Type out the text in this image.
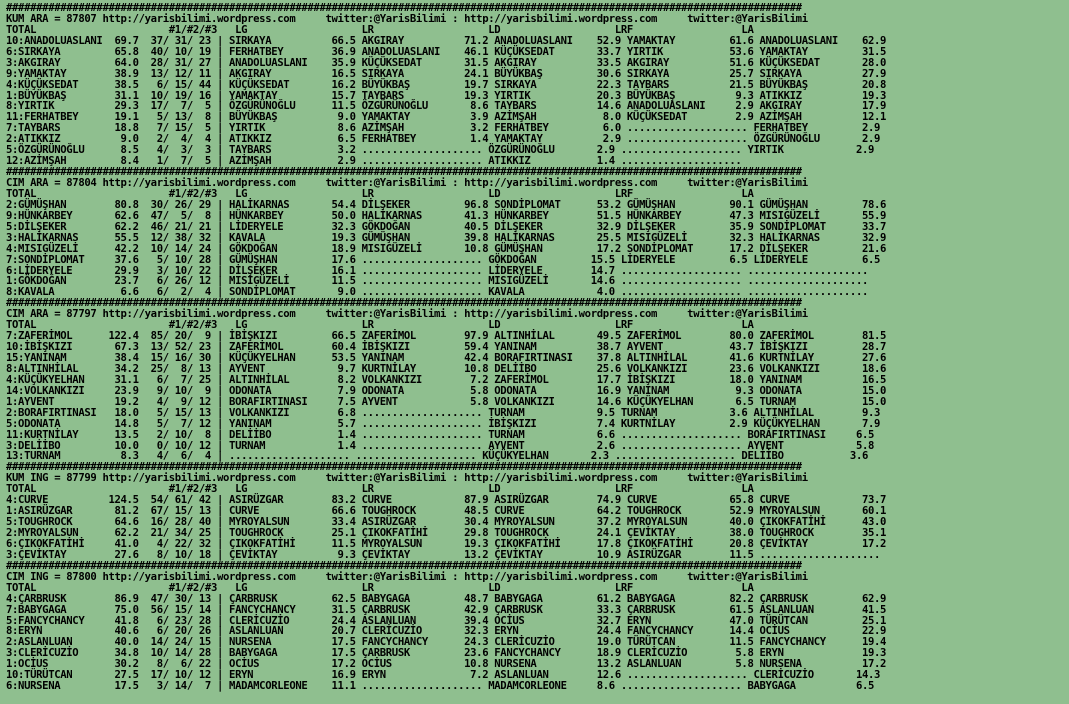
####################################################################################################################################
KUM ARA = 87807 http://yarisbilimi.wordpress.com     twitter:@YarisBilimi : http://yarisbilimi.wordpress.com     twitter:@YarisBilimi
TOTAL                      #1/#2/#3   LG                   LR                   LD                   LRF                  LA
10:ANADOLUASLANI  69.7  37/ 31/ 23 | SIRKAYA          66.5 AKGIRAY          71.2 ANADOLUASLANI    52.9 YAMAKTAY         61.6 ANADOLUASLANI    62.9
6:SIRKAYA         65.8  40/ 10/ 19 | FERHATBEY        36.9 ANADOLUASLANI    46.1 KÜÇÜKSEDAT       33.7 YIRTIK           53.6 YAMAKTAY         31.5
3:AKGIRAY         64.0  28/ 31/ 27 | ANADOLUASLANI    35.9 KÜÇÜKSEDAT       31.5 AKGIRAY          33.5 AKGIRAY          51.6 KÜÇÜKSEDAT       28.0
9:YAMAKTAY        38.9  13/ 12/ 11 | AKGIRAY          16.5 SIRKAYA          24.1 BÜYÜKBAŞ         30.6 SIRKAYA          25.7 SIRKAYA          27.9
4:KÜÇÜKSEDAT      38.5   6/ 15/ 44 | KÜÇÜKSEDAT       16.2 BÜYÜKBAŞ         19.7 SIRKAYA          22.3 TAYBARS          21.5 BÜYÜKBAŞ         20.8
1:BÜYÜKBAŞ        31.1  10/ 19/ 16 | YAMAKTAY         15.7 TAYBARS          19.3 YIRTIK           20.3 BÜYÜKBAŞ          9.3 ATIKKIZ          19.3
8:YIRTIK          29.3  17/  7/  5 | ÖZGÜRÜNOĞLU      11.5 ÖZGÜRÜNOĞLU       8.6 TAYBARS          14.6 ANADOLUASLANI     2.9 AKGIRAY          17.9
11:FERHATBEY      19.1   5/ 13/  8 | BÜYÜKBAŞ          9.0 YAMAKTAY          3.9 AZİMŞAH           8.0 KÜÇÜKSEDAT        2.9 AZİMŞAH          12.1
7:TAYBARS         18.8   7/ 15/  5 | YIRTIK            8.6 AZİMŞAH           3.2 FERHATBEY         6.0 .................... FERHATBEY         2.9
2:ATIKKIZ          9.0   2/  4/  4 | ATIKKIZ           6.5 FERHATBEY         1.4 YAMAKTAY          2.9 .................... ÖZGÜRÜNOĞLU       2.9
5:ÖZGÜRÜNOĞLU      8.5   4/  3/  3 | TAYBARS           3.2 .................... ÖZGÜRÜNOĞLU       2.9 .................... YIRTIK            2.9
12:AZİMŞAH         8.4   1/  7/  5 | AZİMŞAH           2.9 .................... ATIKKIZ           1.4 ....................
####################################################################################################################################
CIM ARA = 87804 http://yarisbilimi.wordpress.com     twitter:@YarisBilimi : http://yarisbilimi.wordpress.com     twitter:@YarisBilimi
TOTAL                      #1/#2/#3   LG                   LR                   LD                   LRF                  LA
2:GÜMÜŞHAN        80.8  30/ 26/ 29 | HALİKARNAS       54.4 DİLŞEKER         96.8 SONDİPLOMAT      53.2 GÜMÜŞHAN         90.1 GÜMÜŞHAN         78.6
9:HÜNKARBEY       62.6  47/  5/  8 | HÜNKARBEY        50.0 HALİKARNAS       41.3 HÜNKARBEY        51.5 HÜNKARBEY        47.3 MISIGÜZELİ       55.9
5:DİLŞEKER        62.2  46/ 21/ 21 | LİDERYELE        32.3 GÖKDOĞAN         40.5 DİLŞEKER         32.9 DİLŞEKER         35.9 SONDİPLOMAT      33.7
3:HALİKARNAS      55.5  12/ 38/ 32 | KAVALA           19.3 GÜMÜŞHAN         39.8 HALİKARNAS       25.5 MISIGÜZELİ       32.3 HALİKARNAS       32.9
4:MISIGÜZELİ      42.2  10/ 14/ 24 | GÖKDOĞAN         18.9 MISIGÜZELİ       10.8 GÜMÜŞHAN         17.2 SONDİPLOMAT      17.2 DİLŞEKER         21.6
7:SONDİPLOMAT     37.6   5/ 10/ 28 | GÜMÜŞHAN         17.6 .................... GÖKDOĞAN         15.5 LİDERYELE         6.5 LİDERYELE         6.5
6:LİDERYELE       29.9   3/ 10/ 22 | DİLŞEKER         16.1 .................... LİDERYELE        14.7 .................... ....................
1:GÖKDOĞAN        23.7   6/ 26/ 12 | MISIGÜZELİ       11.5 .................... MISIGÜZELİ       14.6 .................... ....................
8:KAVALA           6.6   6/  2/  4 | SONDİPLOMAT       9.0 .................... KAVALA            4.0 .................... ....................
####################################################################################################################################
CIM ARA = 87797 http://yarisbilimi.wordpress.com     twitter:@YarisBilimi : http://yarisbilimi.wordpress.com     twitter:@YarisBilimi
TOTAL                      #1/#2/#3   LG                   LR                   LD                   LRF                  LA
7:ZAFERİMOL      122.4  85/ 20/  9 | İBİŞKIZI         66.5 ZAFERİMOL        97.9 ALTINHİLAL       49.5 ZAFERİMOL        80.0 ZAFERİMOL        81.5
10:İBİŞKIZI       67.3  13/ 52/ 23 | ZAFERİMOL        60.4 İBİŞKIZI         59.4 YANINAM          38.7 AYVENT           43.7 İBİŞKIZI         28.7
15:YANINAM        38.4  15/ 16/ 30 | KÜÇÜKYELHAN      53.5 YANINAM          42.4 BORAFIRTINASI    37.8 ALTINHİLAL       41.6 KURTNİLAY        27.6
8:ALTINHİLAL      34.2  25/  8/ 13 | AYVENT            9.7 KURTNİLAY        10.8 DELİİBO          25.6 VOLKANKIZI       23.6 VOLKANKIZI       18.6
4:KÜÇÜKYELHAN     31.1   6/  7/ 25 | ALTINHİLAL        8.2 VOLKANKIZI        7.2 ZAFERİMOL        17.7 İBİŞKIZI         18.0 YANINAM          16.5
14:VOLKANKIZI     23.9   9/ 10/  9 | ODONATA           7.9 ODONATA           5.8 ODONATA          16.9 YANINAM           9.3 ODONATA          15.0
1:AYVENT          19.2   4/  9/ 12 | BORAFIRTINASI     7.5 AYVENT            5.8 VOLKANKIZI       14.6 KÜÇÜKYELHAN       6.5 TURNAM           15.0
2:BORAFIRTINASI   18.0   5/ 15/ 13 | VOLKANKIZI        6.8 .................... TURNAM            9.5 TURNAM            3.6 ALTINHİLAL        9.3
5:ODONATA         14.8   5/  7/ 12 | YANINAM           5.7 .................... İBİŞKIZI          7.4 KURTNİLAY         2.9 KÜÇÜKYELHAN       7.9
11:KURTNİLAY      13.5   2/ 10/  8 | DELİİBO           1.4 .................... TURNAM            6.6 .................... BORAFIRTINASI     6.5
3:DELİİBO         10.0   0/ 10/ 12 | TURNAM            1.4 .................... AYVENT            2.6 .................... AYVENT            5.8
13:TURNAM          8.3   4/  6/  4 | .................... .................... KÜÇÜKYELHAN       2.3 .................... DELİİBO           3.6
####################################################################################################################################
KUM ING = 87799 http://yarisbilimi.wordpress.com     twitter:@YarisBilimi : http://yarisbilimi.wordpress.com     twitter:@YarisBilimi
TOTAL                      #1/#2/#3   LG                   LR                   LD                   LRF                  LA
4:CURVE          124.5  54/ 61/ 42 | ASIRÜZGAR        83.2 CURVE            87.9 ASIRÜZGAR        74.9 CURVE            65.8 CURVE            73.7
1:ASIRÜZGAR       81.2  67/ 15/ 13 | CURVE            66.6 TOUGHROCK        48.5 CURVE            64.2 TOUGHROCK        52.9 MYROYALSUN       60.1
5:TOUGHROCK       64.6  16/ 28/ 40 | MYROYALSUN       33.4 ASIRÜZGAR        30.4 MYROYALSUN       37.2 MYROYALSUN       40.0 ÇIKOKFATİHİ      43.0
2:MYROYALSUN      62.2  21/ 34/ 25 | TOUGHROCK        25.1 ÇIKOKFATİHİ      29.8 TOUGHROCK        24.1 ÇEVİKTAY         38.0 TOUGHROCK        35.1
6:ÇIKOKFATİHİ     41.0   4/ 22/ 32 | ÇIKOKFATİHİ      11.5 MYROYALSUN       19.3 ÇIKOKFATİHİ      17.8 ÇIKOKFATİHİ      20.8 ÇEVİKTAY         17.2
3:ÇEVİKTAY        27.6   8/ 10/ 18 | ÇEVİKTAY          9.3 ÇEVİKTAY         13.2 ÇEVİKTAY         10.9 ASIRÜZGAR        11.5 ....................
####################################################################################################################################
CIM ING = 87800 http://yarisbilimi.wordpress.com     twitter:@YarisBilimi : http://yarisbilimi.wordpress.com     twitter:@YarisBilimi
TOTAL                      #1/#2/#3   LG                   LR                   LD                   LRF                  LA
4:ÇARBRUSK        86.9  47/ 30/ 13 | ÇARBRUSK         62.5 BABYGAGA         48.7 BABYGAGA         61.2 BABYGAGA         82.2 ÇARBRUSK         62.9
7:BABYGAGA        75.0  56/ 15/ 14 | FANCYCHANCY      31.5 ÇARBRUSK         42.9 ÇARBRUSK         33.3 ÇARBRUSK         61.5 ASLANLUAN        41.5
5:FANCYCHANCY     41.8   6/ 23/ 28 | CLERİCUZİO       24.4 ASLANLUAN        39.4 OCİUS            32.7 ERYN             47.0 TÜRÜTCAN         25.1
8:ERYN            40.6   6/ 20/ 26 | ASLANLUAN        20.7 CLERİCUZİO       32.3 ERYN             24.4 FANCYCHANCY      14.4 OCİUS            22.9
2:ASLANLUAN       40.0  14/ 24/ 15 | NURSENA          17.5 FANCYCHANCY      24.3 CLERİCUZİO       19.0 TÜRÜTCAN         11.5 FANCYCHANCY      19.4
3:CLERİCUZİO      34.8  10/ 14/ 28 | BABYGAGA         17.5 ÇARBRUSK         23.6 FANCYCHANCY      18.9 CLERİCUZİO        5.8 ERYN             19.3
1:OCİUS           30.2   8/  6/ 22 | OCİUS            17.2 OCİUS            10.8 NURSENA          13.2 ASLANLUAN         5.8 NURSENA          17.2
10:TÜRÜTCAN       27.5  17/ 10/ 12 | ERYN             16.9 ERYN              7.2 ASLANLUAN        12.6 .................... CLERİCUZİO       14.3
6:NURSENA         17.5   3/ 14/  7 | MADAMCORLEONE    11.1 .................... MADAMCORLEONE     8.6 .................... BABYGAGA          6.5
